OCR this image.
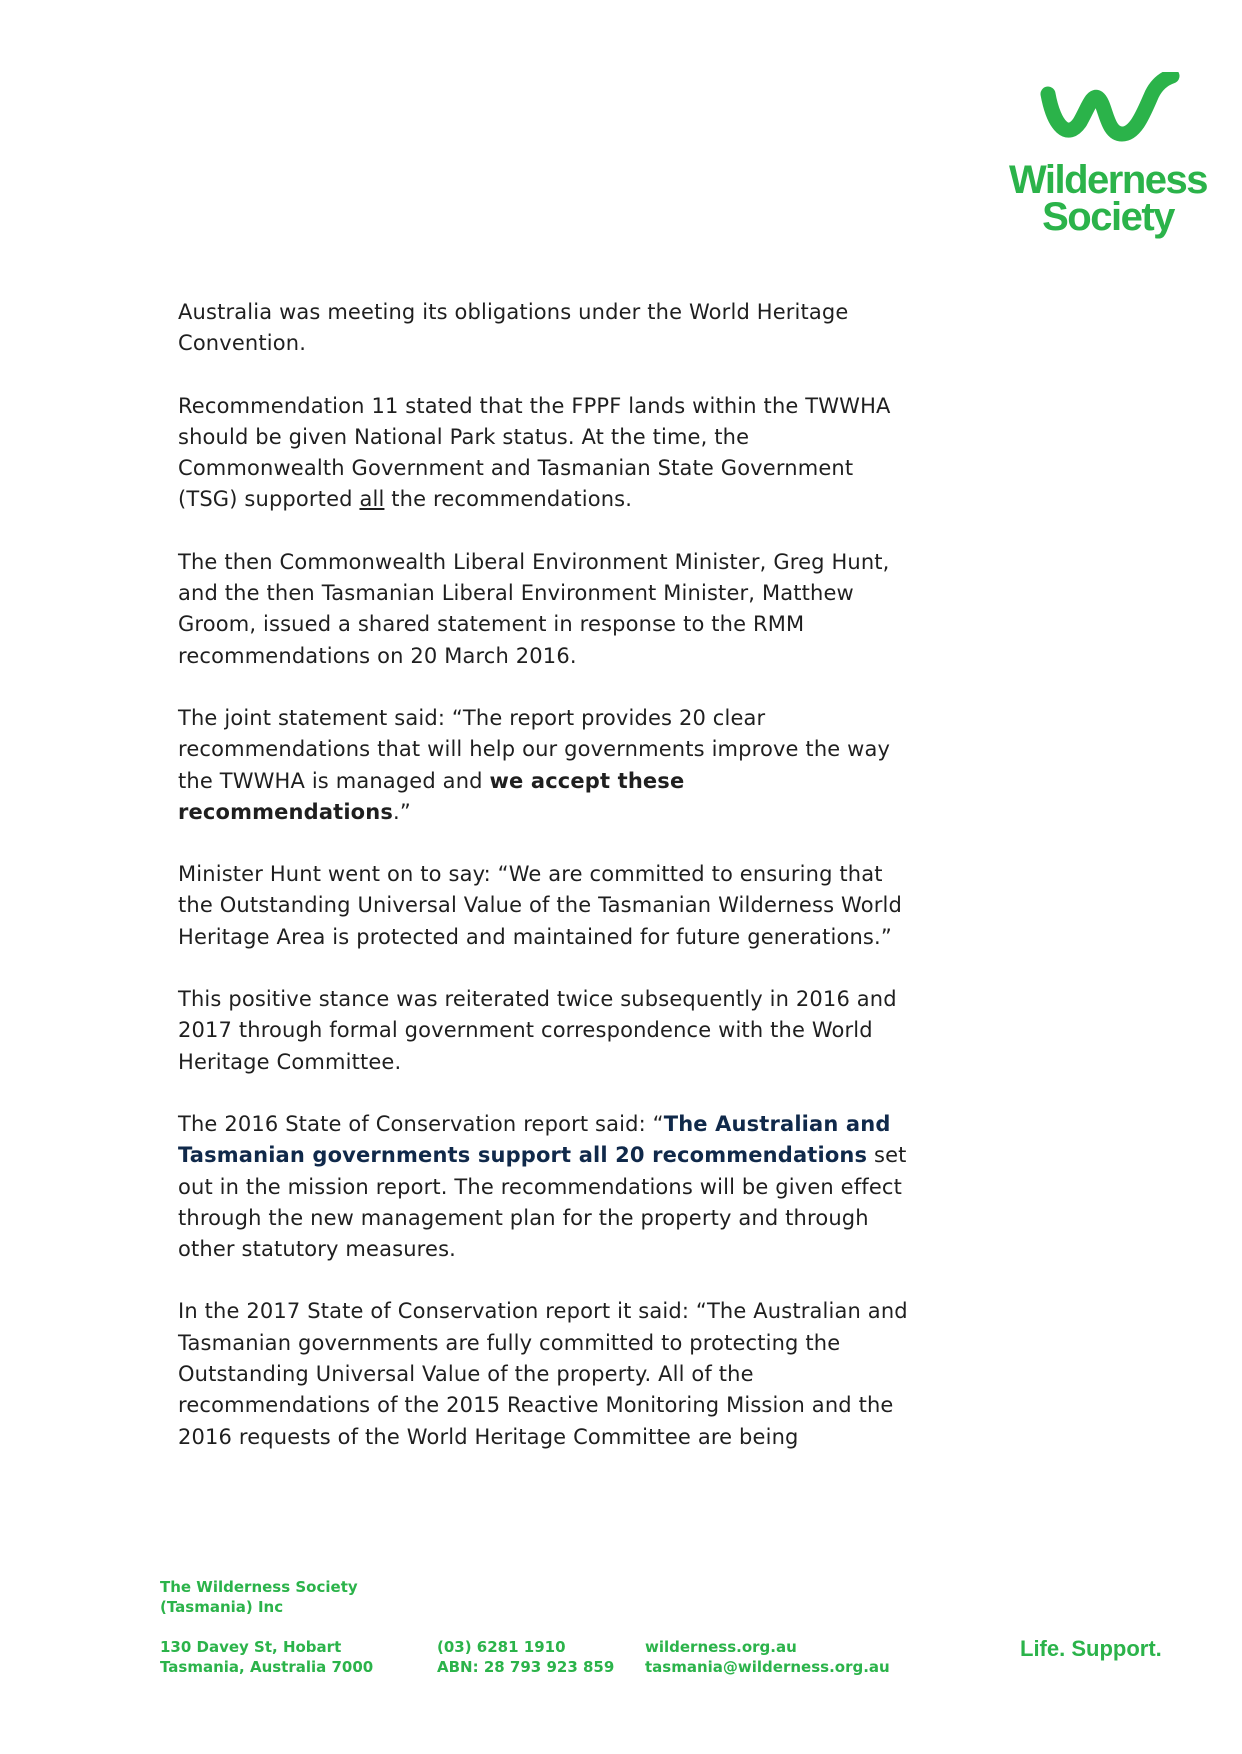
Wilderness
Society

Australia was meeting its obligations under the World Heritage Convention.

Recommendation 11 stated that the FPPF lands within the TWWHA should be given National Park status. At the time, the Commonwealth Government and Tasmanian State Government (TSG) supported all the recommendations.

The then Commonwealth Liberal Environment Minister, Greg Hunt, and the then Tasmanian Liberal Environment Minister, Matthew Groom, issued a shared statement in response to the RMM recommendations on 20 March 2016.

The joint statement said: “The report provides 20 clear recommendations that will help our governments improve the way the TWWHA is managed and we accept these recommendations.”

Minister Hunt went on to say: “We are committed to ensuring that the Outstanding Universal Value of the Tasmanian Wilderness World Heritage Area is protected and maintained for future generations.”

This positive stance was reiterated twice subsequently in 2016 and 2017 through formal government correspondence with the World Heritage Committee.

The 2016 State of Conservation report said: “The Australian and Tasmanian governments support all 20 recommendations set out in the mission report. The recommendations will be given effect through the new management plan for the property and through other statutory measures.

In the 2017 State of Conservation report it said: “The Australian and Tasmanian governments are fully committed to protecting the Outstanding Universal Value of the property. All of the recommendations of the 2015 Reactive Monitoring Mission and the 2016 requests of the World Heritage Committee are being

The Wilderness Society
(Tasmania) Inc
130 Davey St, Hobart
Tasmania, Australia 7000
(03) 6281 1910
ABN: 28 793 923 859
wilderness.org.au
tasmania@wilderness.org.au
Life. Support.
